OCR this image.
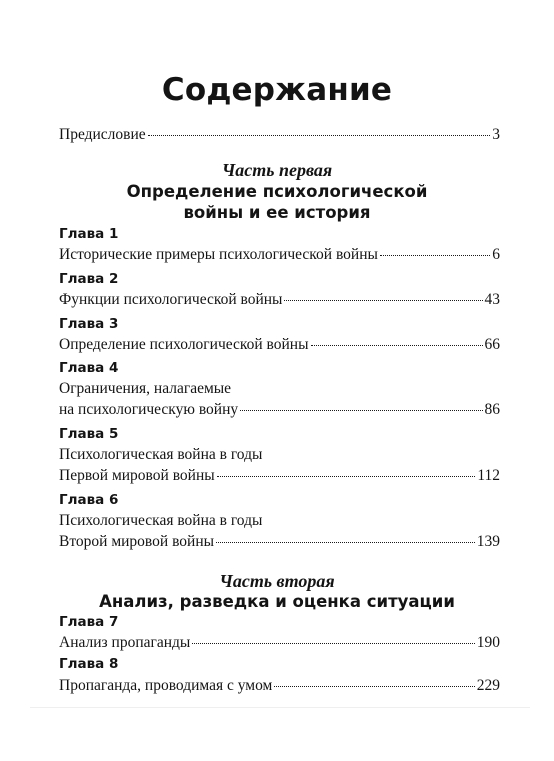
Содержание
Предисловие	3
Часть первая
Определение психологической
войны и ее история
Глава 1
Исторические примеры психологической войны	6
Глава 2
Функции психологической войны	43
Глава 3
Определение психологической войны	66
Глава 4
Ограничения, налагаемые
на психологическую войну	86
Глава 5
Психологическая война в годы
Первой мировой войны	112
Глава 6
Психологическая война в годы
Второй мировой войны	139
Часть вторая
Анализ, разведка и оценка ситуации
Глава 7
Анализ пропаганды	190
Глава 8
Пропаганда, проводимая с умом	229
